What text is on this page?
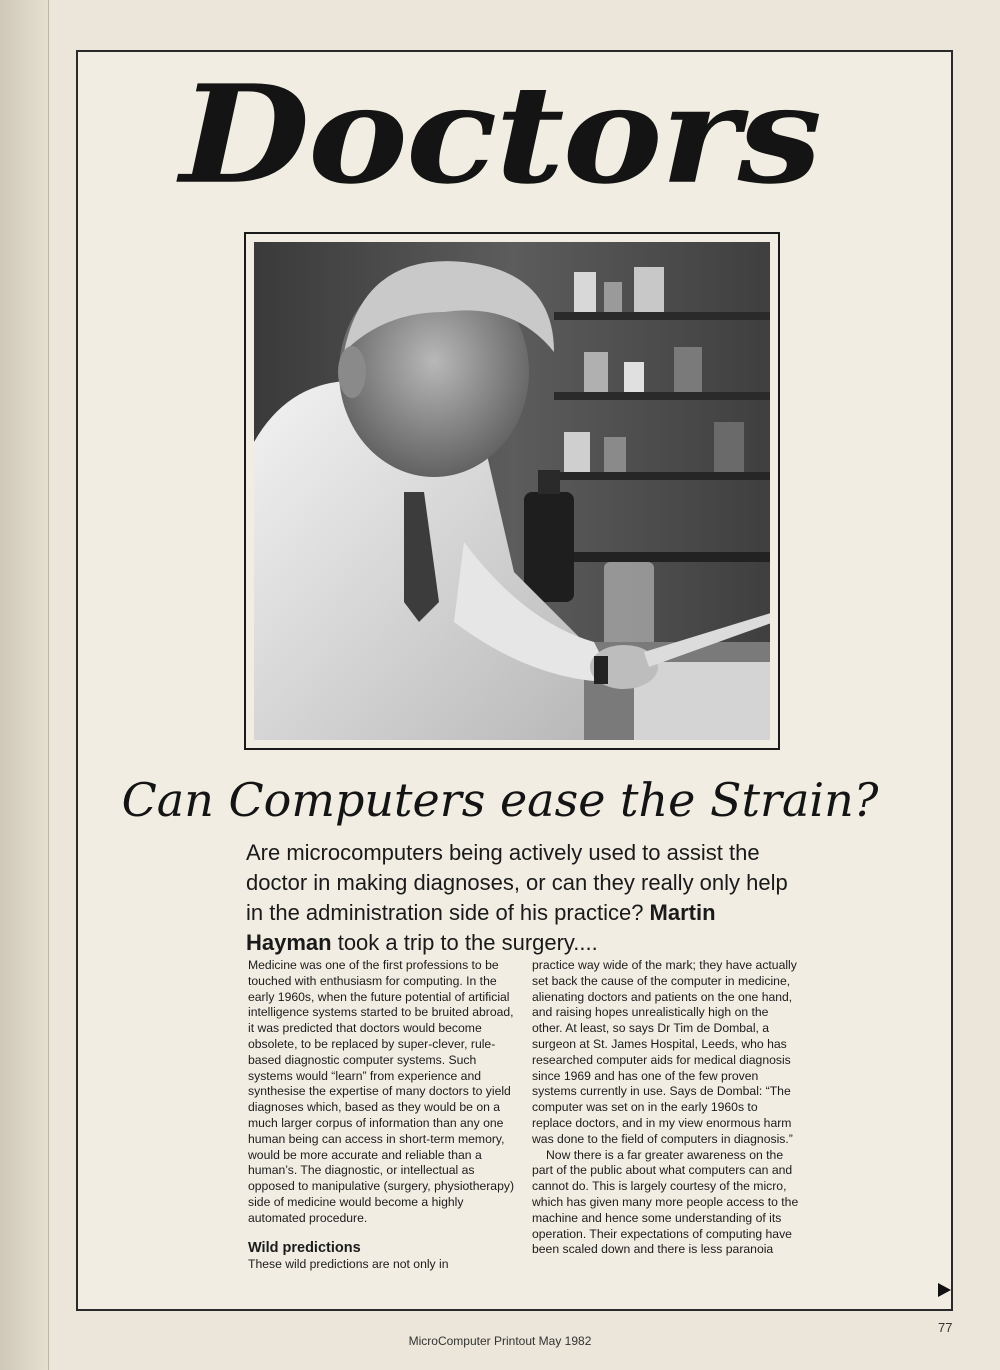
Doctors
Can Computers ease the Strain?
Are microcomputers being actively used to assist the doctor in making diagnoses, or can they really only help in the administration side of his practice? Martin Hayman took a trip to the surgery....

Medicine was one of the first professions to be touched with enthusiasm for computing. In the early 1960s, when the future potential of artificial intelligence systems started to be bruited abroad, it was predicted that doctors would become obsolete, to be replaced by super-clever, rule-based diagnostic computer systems. Such systems would “learn” from experience and synthesise the expertise of many doctors to yield diagnoses which, based as they would be on a much larger corpus of information than any one human being can access in short-term memory, would be more accurate and reliable than a human’s. The diagnostic, or intellectual as opposed to manipulative (surgery, physiotherapy) side of medicine would become a highly automated procedure.

Wild predictions

These wild predictions are not only in

practice way wide of the mark; they have actually set back the cause of the computer in medicine, alienating doctors and patients on the one hand, and raising hopes unrealistically high on the other. At least, so says Dr Tim de Dombal, a surgeon at St. James Hospital, Leeds, who has researched computer aids for medical diagnosis since 1969 and has one of the few proven systems currently in use. Says de Dombal: “The computer was set on in the early 1960s to replace doctors, and in my view enormous harm was done to the field of computers in diagnosis.”

Now there is a far greater awareness on the part of the public about what computers can and cannot do. This is largely courtesy of the micro, which has given many more people access to the machine and hence some understanding of its operation. Their expectations of computing have been scaled down and there is less paranoia

MicroComputer Printout May 1982
77
